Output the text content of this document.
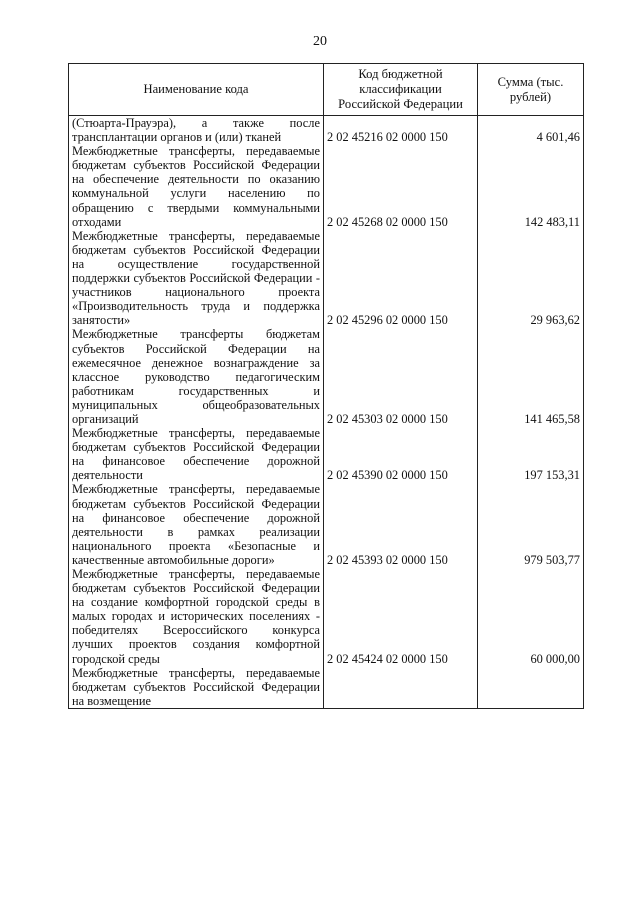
20
Наименование кода	Код бюджетной классификации Российской Федерации	Сумма (тыс. рублей)
(Стюарта-Прауэра), а также после трансплантации органов и (или) тканей	2 02 45216 02 0000 150	4 601,46
Межбюджетные трансферты, передаваемые бюджетам субъектов Российской Федерации на обеспечение деятельности по оказанию коммунальной услуги населению по обращению с твердыми коммунальными отходами	2 02 45268 02 0000 150	142 483,11
Межбюджетные трансферты, передаваемые бюджетам субъектов Российской Федерации на осуществление государственной поддержки субъектов Российской Федерации - участников национального проекта «Производительность труда и поддержка занятости»	2 02 45296 02 0000 150	29 963,62
Межбюджетные трансферты бюджетам субъектов Российской Федерации на ежемесячное денежное вознаграждение за классное руководство педагогическим работникам государственных и муниципальных общеобразовательных организаций	2 02 45303 02 0000 150	141 465,58
Межбюджетные трансферты, передаваемые бюджетам субъектов Российской Федерации на финансовое обеспечение дорожной деятельности	2 02 45390 02 0000 150	197 153,31
Межбюджетные трансферты, передаваемые бюджетам субъектов Российской Федерации на финансовое обеспечение дорожной деятельности в рамках реализации национального проекта «Безопасные и качественные автомобильные дороги»	2 02 45393 02 0000 150	979 503,77
Межбюджетные трансферты, передаваемые бюджетам субъектов Российской Федерации на создание комфортной городской среды в малых городах и исторических поселениях - победителях Всероссийского конкурса лучших проектов создания комфортной городской среды	2 02 45424 02 0000 150	60 000,00
Межбюджетные трансферты, передаваемые бюджетам субъектов Российской Федерации на возмещение		
